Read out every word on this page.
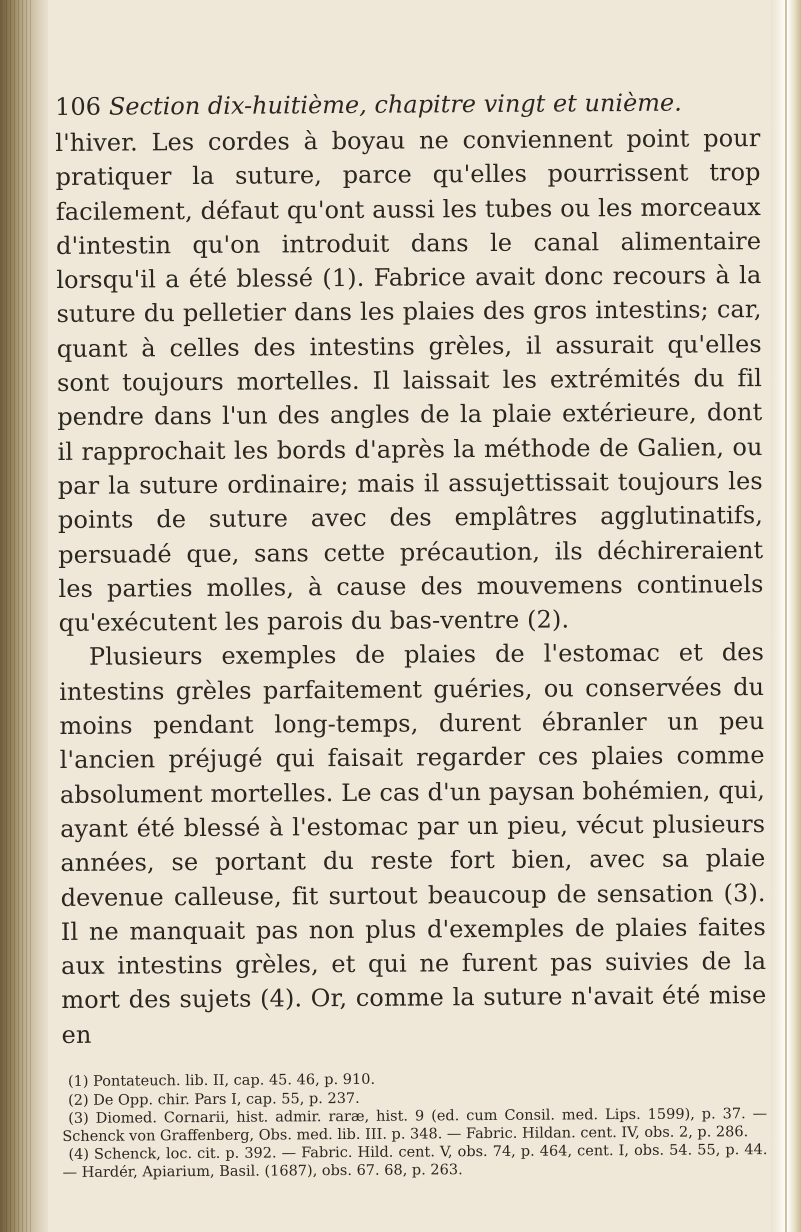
106 Section dix-huitième, chapitre vingt et unième.

l'hiver. Les cordes à boyau ne conviennent point pour pratiquer la suture, parce qu'elles pourrissent trop facilement, défaut qu'ont aussi les tubes ou les morceaux d'intestin qu'on introduit dans le canal alimentaire lorsqu'il a été blessé (1). Fabrice avait donc recours à la suture du pelletier dans les plaies des gros intestins; car, quant à celles des intestins grèles, il assurait qu'elles sont toujours mortelles. Il laissait les extrémités du fil pendre dans l'un des angles de la plaie extérieure, dont il rapprochait les bords d'après la méthode de Galien, ou par la suture ordinaire; mais il assujettissait toujours les points de suture avec des emplâtres agglutinatifs, persuadé que, sans cette précaution, ils déchireraient les parties molles, à cause des mouvemens continuels qu'exécutent les parois du bas-ventre (2).

Plusieurs exemples de plaies de l'estomac et des intestins grèles parfaitement guéries, ou conservées du moins pendant long-temps, durent ébranler un peu l'ancien préjugé qui faisait regarder ces plaies comme absolument mortelles. Le cas d'un paysan bohémien, qui, ayant été blessé à l'estomac par un pieu, vécut plusieurs années, se portant du reste fort bien, avec sa plaie devenue calleuse, fit surtout beaucoup de sensation (3). Il ne manquait pas non plus d'exemples de plaies faites aux intestins grèles, et qui ne furent pas suivies de la mort des sujets (4). Or, comme la suture n'avait été mise en

(1) Pontateuch. lib. II, cap. 45. 46, p. 910.

(2) De Opp. chir. Pars I, cap. 55, p. 237.

(3) Diomed. Cornarii, hist. admir. raræ, hist. 9 (ed. cum Consil. med. Lips. 1599), p. 37. — Schenck von Graffenberg, Obs. med. lib. III. p. 348. — Fabric. Hildan. cent. IV, obs. 2, p. 286.

(4) Schenck, loc. cit. p. 392. — Fabric. Hild. cent. V, obs. 74, p. 464, cent. I, obs. 54. 55, p. 44. — Hardér, Apiarium, Basil. (1687), obs. 67. 68, p. 263.
